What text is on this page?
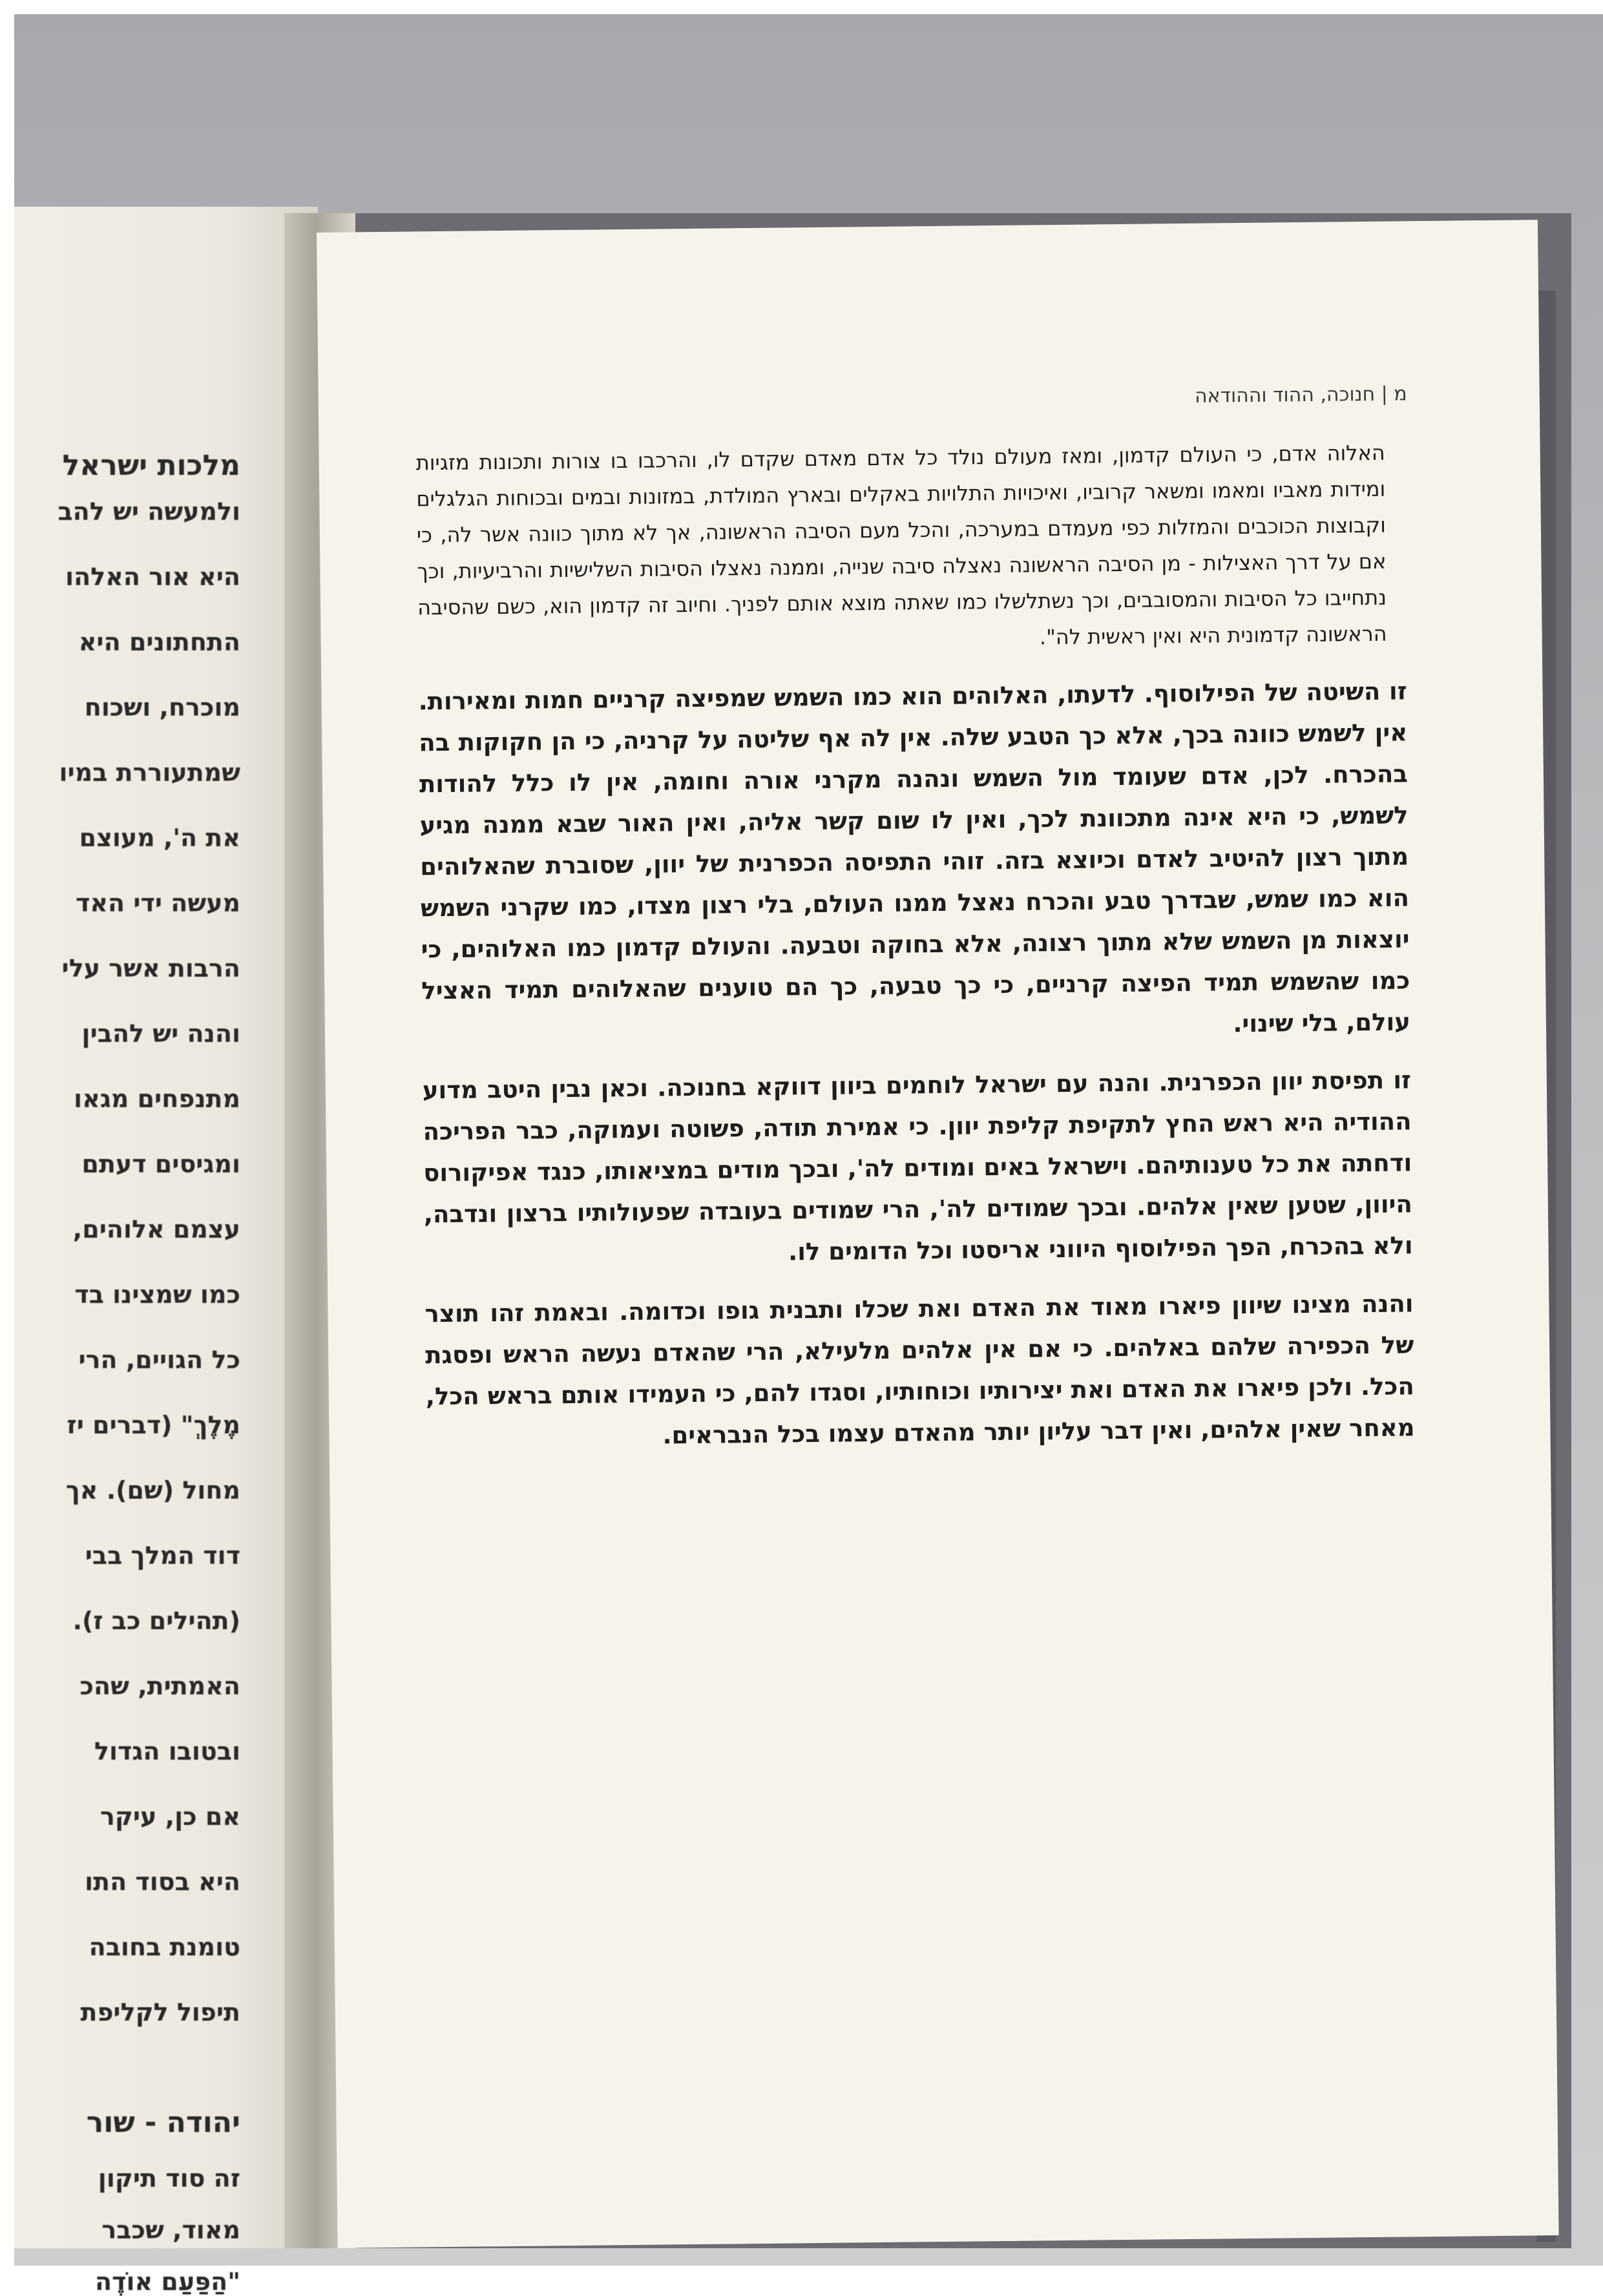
מלכות ישראל
ולמעשה יש להב
היא אור האלהו
התחתונים היא
מוכרח, ושכוח
שמתעוררת במיו
את ה', מעוצם
מעשה ידי האד
הרבות אשר עלי
והנה יש להבין
מתנפחים מגאו
ומגיסים דעתם
עצמם אלוהים,
כמו שמצינו בד
כל הגויים, הרי
מֶלֶךְ" (דברים יז
מחול (שם). אך
דוד המלך בבי
(תהילים כב ז).
האמתית, שהכ
ובטובו הגדול
אם כן, עיקר
היא בסוד התו
טומנת בחובה
תיפול לקליפת
יהודה - שור
זה סוד תיקון
מאוד, שכבר
"הַפַּעַם אוֹדֶה
מ | חנוכה, ההוד וההודאה

האלוה אדם, כי העולם קדמון, ומאז מעולם נולד כל אדם מאדם שקדם לו, והרכבו בו צורות ותכונות מזגיות ומידות מאביו ומאמו ומשאר קרוביו, ואיכויות התלויות באקלים ובארץ המולדת, במזונות ובמים ובכוחות הגלגלים וקבוצות הכוכבים והמזלות כפי מעמדם במערכה, והכל מעם הסיבה הראשונה, אך לא מתוך כוונה אשר לה, כי אם על דרך האצילות - מן הסיבה הראשונה נאצלה סיבה שנייה, וממנה נאצלו הסיבות השלישיות והרביעיות, וכך נתחייבו כל הסיבות והמסובבים, וכך נשתלשלו כמו שאתה מוצא אותם לפניך. וחיוב זה קדמון הוא, כשם שהסיבה הראשונה קדמונית היא ואין ראשית לה".

זו השיטה של הפילוסוף. לדעתו, האלוהים הוא כמו השמש שמפיצה קרניים חמות ומאירות. אין לשמש כוונה בכך, אלא כך הטבע שלה. אין לה אף שליטה על קרניה, כי הן חקוקות בה בהכרח. לכן, אדם שעומד מול השמש ונהנה מקרני אורה וחומה, אין לו כלל להודות לשמש, כי היא אינה מתכוונת לכך, ואין לו שום קשר אליה, ואין האור שבא ממנה מגיע מתוך רצון להיטיב לאדם וכיוצא בזה. זוהי התפיסה הכפרנית של יוון, שסוברת שהאלוהים הוא כמו שמש, שבדרך טבע והכרח נאצל ממנו העולם, בלי רצון מצדו, כמו שקרני השמש יוצאות מן השמש שלא מתוך רצונה, אלא בחוקה וטבעה. והעולם קדמון כמו האלוהים, כי כמו שהשמש תמיד הפיצה קרניים, כי כך טבעה, כך הם טוענים שהאלוהים תמיד האציל עולם, בלי שינוי.

זו תפיסת יוון הכפרנית. והנה עם ישראל לוחמים ביוון דווקא בחנוכה. וכאן נבין היטב מדוע ההודיה היא ראש החץ לתקיפת קליפת יוון. כי אמירת תודה, פשוטה ועמוקה, כבר הפריכה ודחתה את כל טענותיהם. וישראל באים ומודים לה', ובכך מודים במציאותו, כנגד אפיקורוס היוון, שטען שאין אלהים. ובכך שמודים לה', הרי שמודים בעובדה שפעולותיו ברצון ונדבה, ולא בהכרח, הפך הפילוסוף היווני אריסטו וכל הדומים לו.

והנה מצינו שיוון פיארו מאוד את האדם ואת שכלו ותבנית גופו וכדומה. ובאמת זהו תוצר של הכפירה שלהם באלהים. כי אם אין אלהים מלעילא, הרי שהאדם נעשה הראש ופסגת הכל. ולכן פיארו את האדם ואת יצירותיו וכוחותיו, וסגדו להם, כי העמידו אותם בראש הכל, מאחר שאין אלהים, ואין דבר עליון יותר מהאדם עצמו בכל הנבראים.
